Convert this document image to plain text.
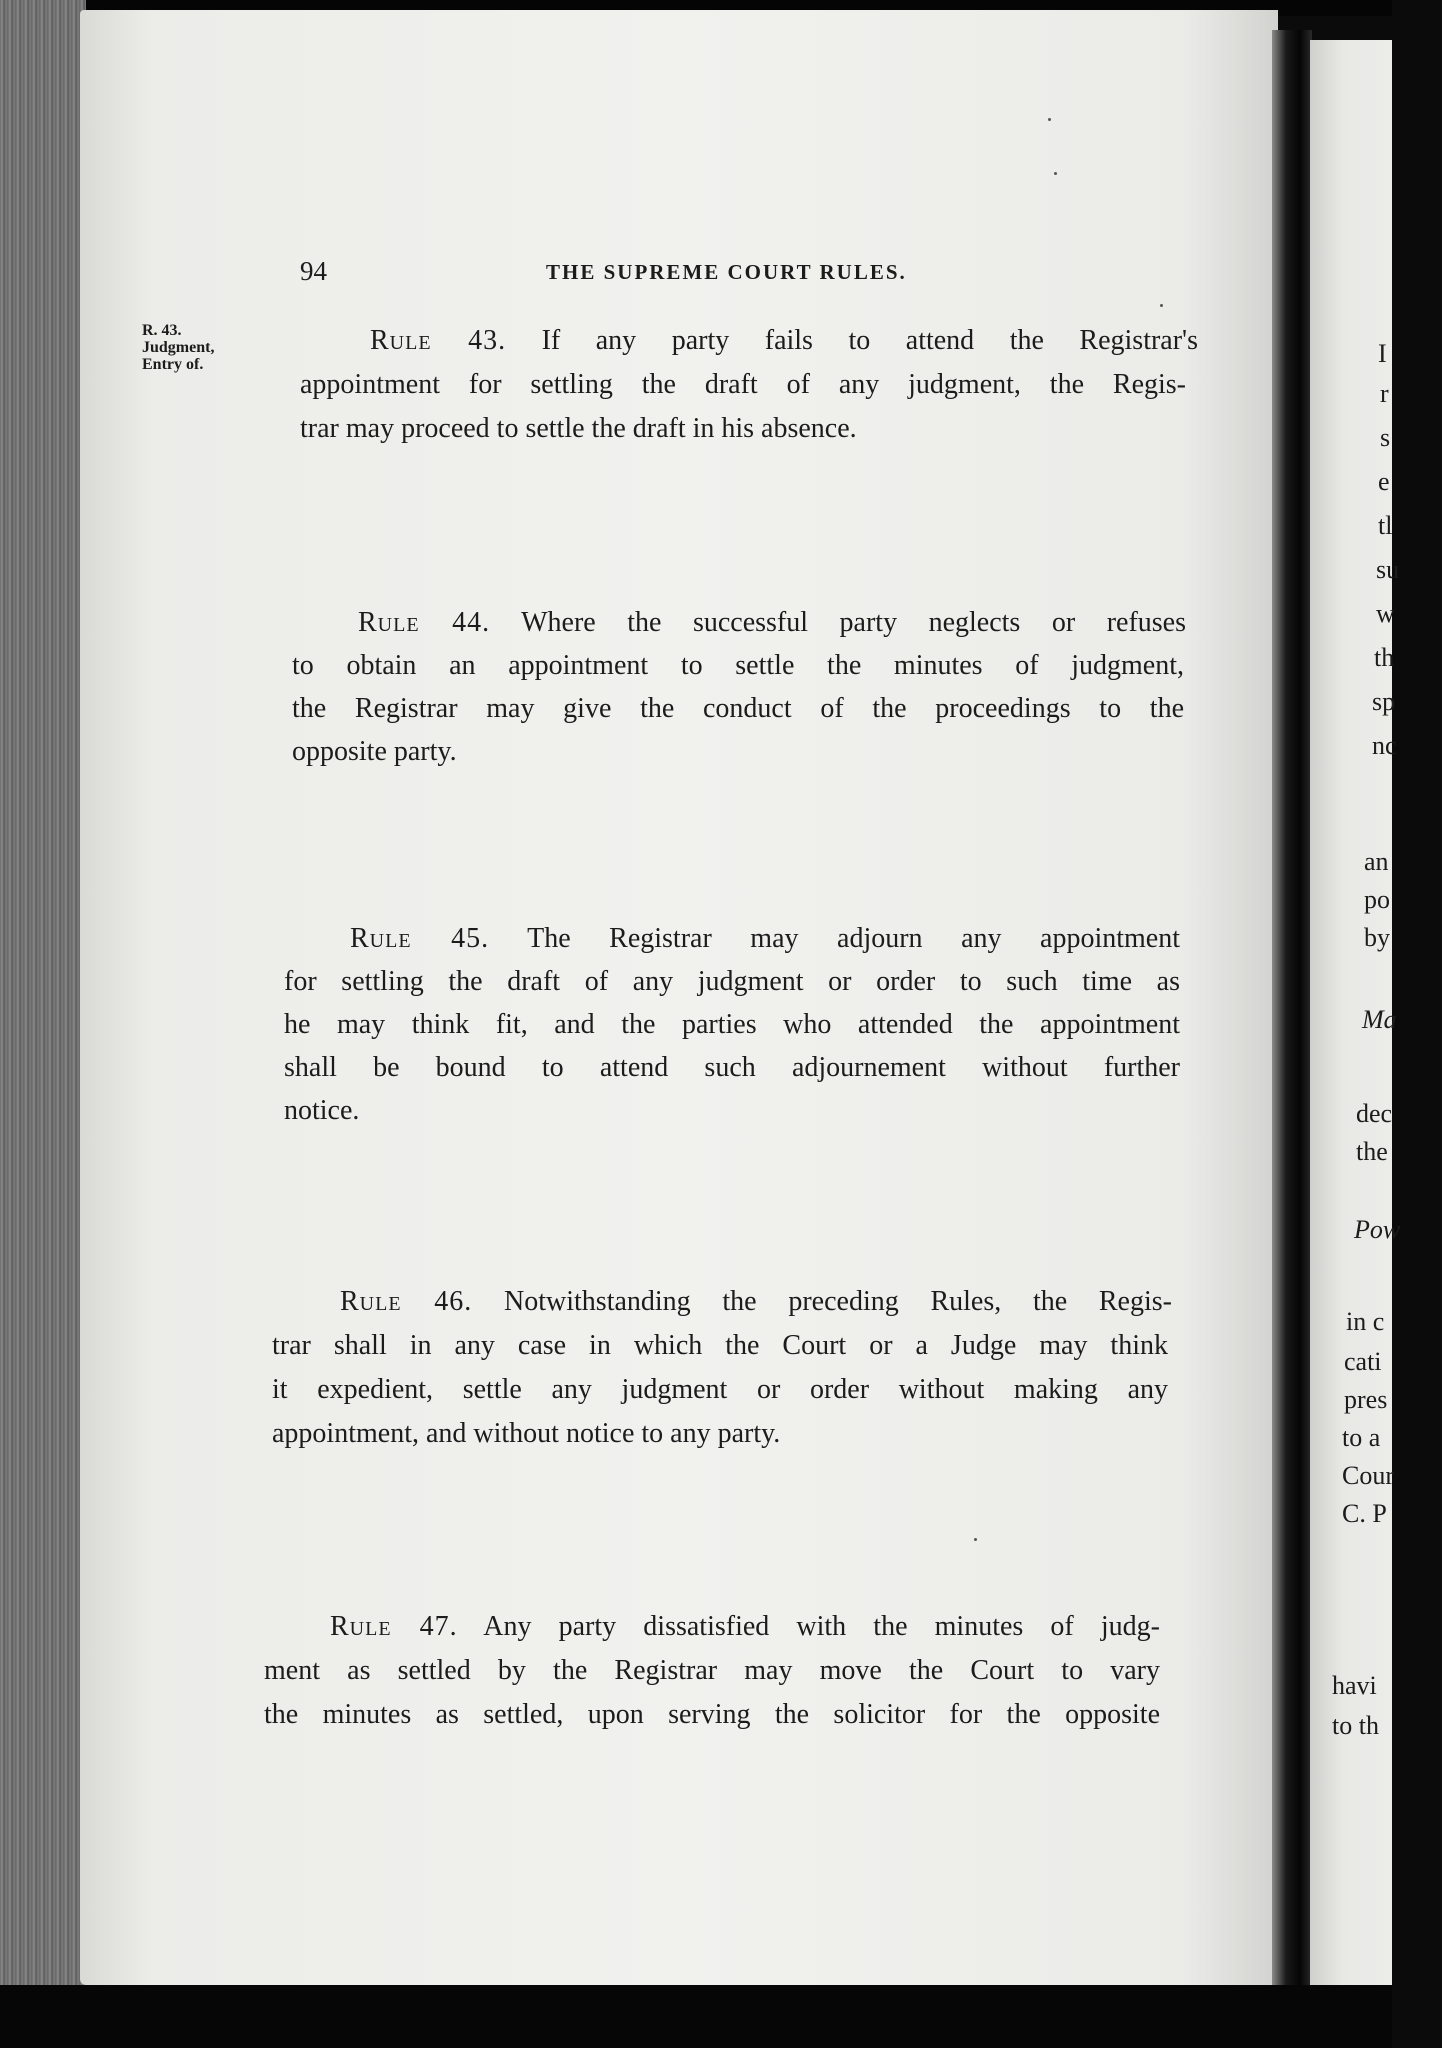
94	THE SUPREME COURT RULES.
R. 43.
Judgment,
Entry of.
Rule 43. If any party fails to attend the Registrar's
appointment for settling the draft of any judgment, the Regis-
trar may proceed to settle the draft in his absence.
Rule 44. Where the successful party neglects or refuses
to obtain an appointment to settle the minutes of judgment,
the Registrar may give the conduct of the proceedings to the
opposite party.
Rule 45. The Registrar may adjourn any appointment
for settling the draft of any judgment or order to such time as
he may think fit, and the parties who attended the appointment
shall be bound to attend such adjournement without further
notice.
Rule 46. Notwithstanding the preceding Rules, the Regis-
trar shall in any case in which the Court or a Judge may think
it expedient, settle any judgment or order without making any
appointment, and without notice to any party.
Rule 47. Any party dissatisfied with the minutes of judg-
ment as settled by the Registrar may move the Court to vary
the minutes as settled, upon serving the solicitor for the opposite
I
r
s
e
tl
su
w
th
sp
nc
an
po
by
Ma
dec
the
Pow
in c
cati
pres
to a
Cour
C. P
havi
to th
